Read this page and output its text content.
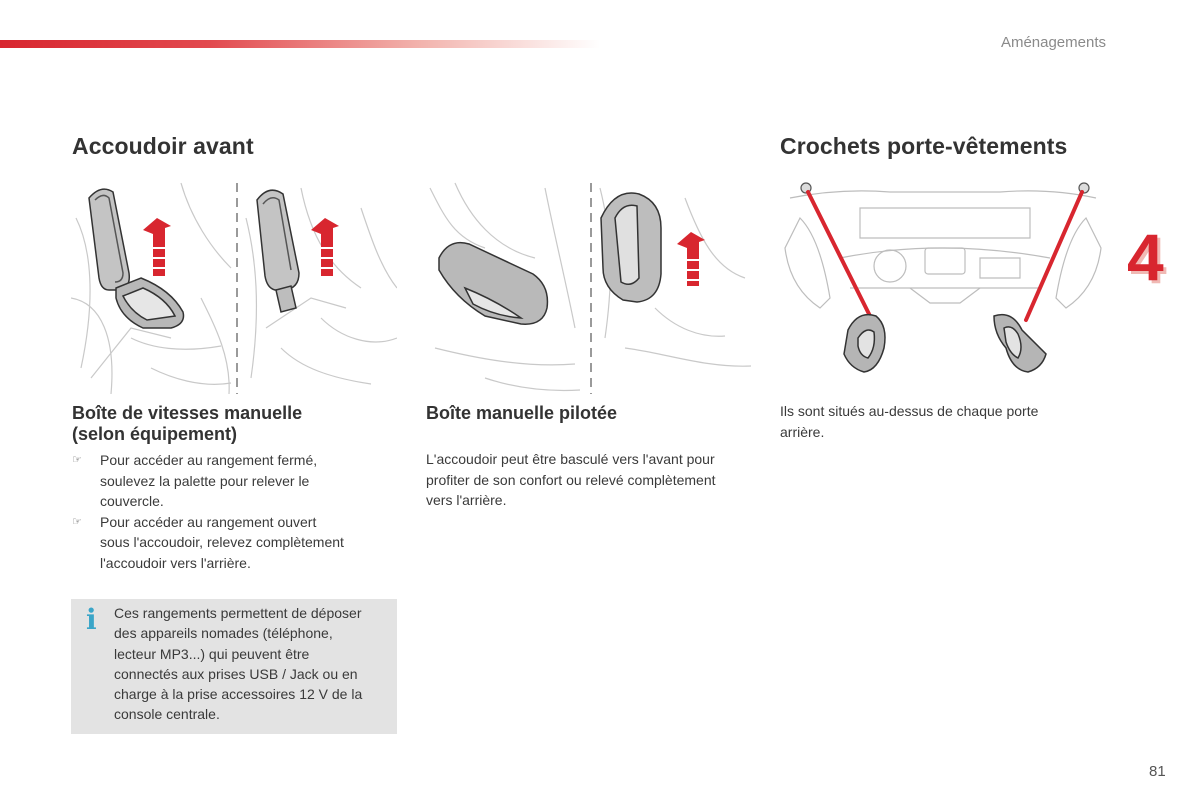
Aménagements
Accoudoir avant	Crochets porte-vêtements
Boîte de vitesses manuelle
(selon équipement)
☞ Pour accéder au rangement fermé,
soulevez la palette pour relever le
couvercle.
☞ Pour accéder au rangement ouvert
sous l'accoudoir, relevez complètement
l'accoudoir vers l'arrière.
i Ces rangements permettent de déposer
des appareils nomades (téléphone,
lecteur MP3...) qui peuvent être
connectés aux prises USB / Jack ou en
charge à la prise accessoires 12 V de la
console centrale.
Boîte manuelle pilotée

L'accoudoir peut être basculé vers l'avant pour
profiter de son confort ou relevé complètement
vers l'arrière.

Ils sont situés au-dessus de chaque porte
arrière.

4
81
